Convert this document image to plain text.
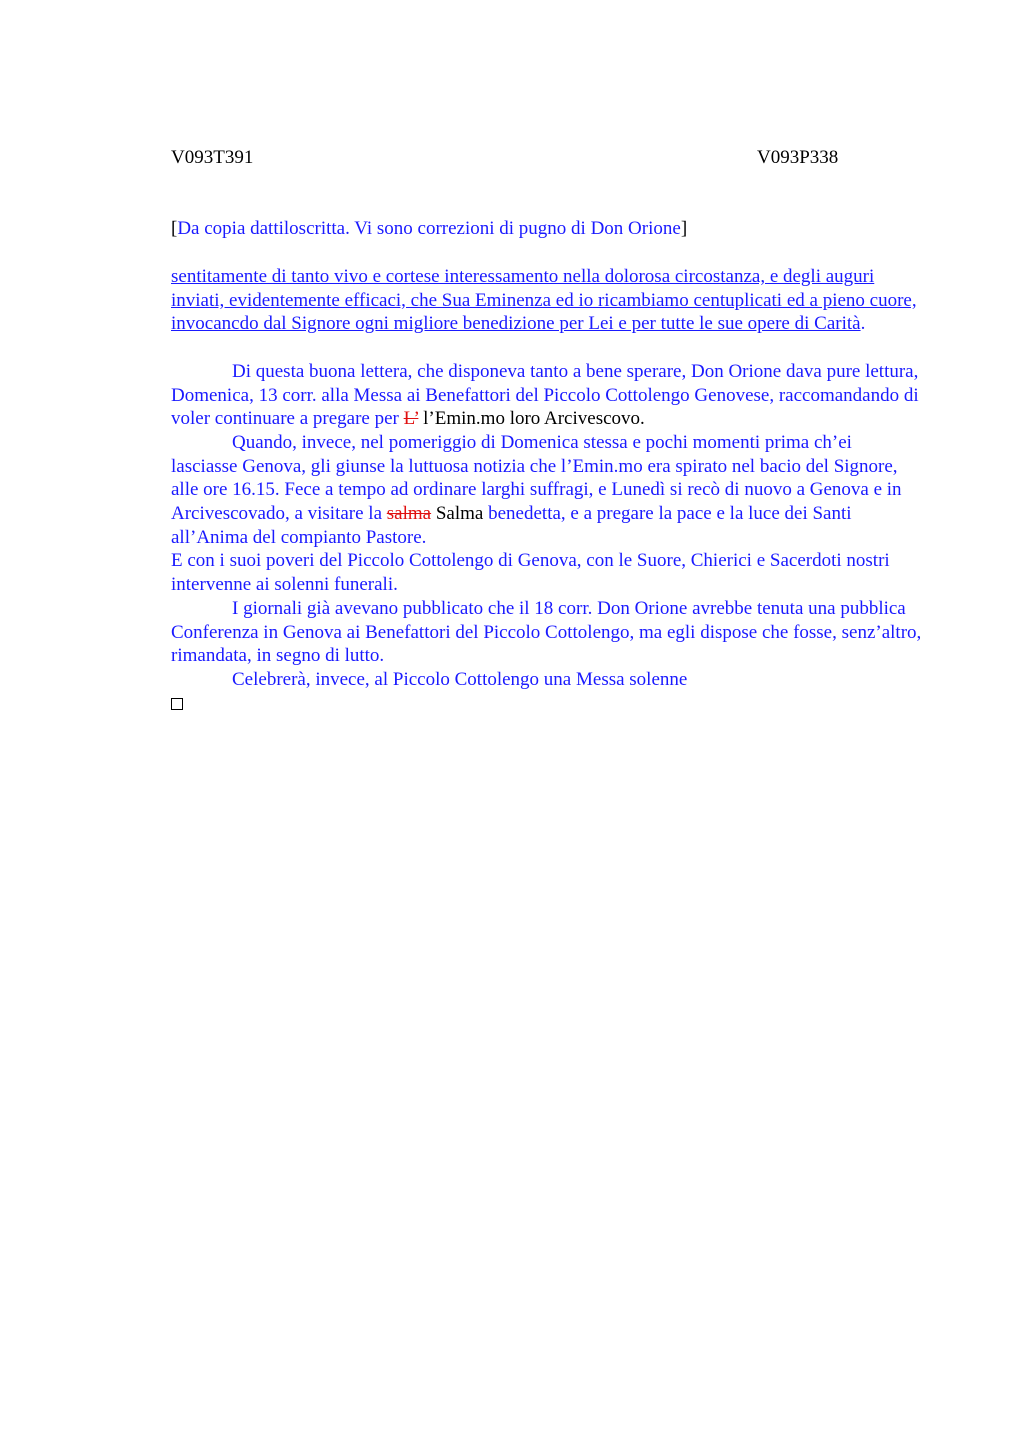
V093T391	V093P338
[Da copia dattiloscritta. Vi sono correzioni di pugno di Don Orione]

sentitamente di tanto vivo e cortese interessamento nella dolorosa circostanza, e degli auguri inviati, evidentemente efficaci, che Sua Eminenza ed io ricambiamo centuplicati ed a pieno cuore, invocancdo dal Signore ogni migliore benedizione per Lei e per tutte le sue opere di Carità.

Di questa buona lettera, che disponeva tanto a bene sperare, Don Orione dava pure lettura, Domenica, 13 corr. alla Messa ai Benefattori del Piccolo Cottolengo Genovese, raccomandando di voler continuare a pregare per L’ l’Emin.mo loro Arcivescovo.

Quando, invece, nel pomeriggio di Domenica stessa e pochi momenti prima ch’ei lasciasse Genova, gli giunse la luttuosa notizia che l’Emin.mo era spirato nel bacio del Signore, alle ore 16.15. Fece a tempo ad ordinare larghi suffragi, e Lunedì si recò di nuovo a Genova e in Arcivescovado, a visitare la salma Salma benedetta, e a pregare la pace e la luce dei Santi all’Anima del compianto Pastore.

E con i suoi poveri del Piccolo Cottolengo di Genova, con le Suore, Chierici e Sacerdoti nostri intervenne ai solenni funerali.

I giornali già avevano pubblicato che il 18 corr. Don Orione avrebbe tenuta una pubblica Conferenza in Genova ai Benefattori del Piccolo Cottolengo, ma egli dispose che fosse, senz’altro, rimandata, in segno di lutto.

Celebrerà, invece, al Piccolo Cottolengo una Messa solenne
